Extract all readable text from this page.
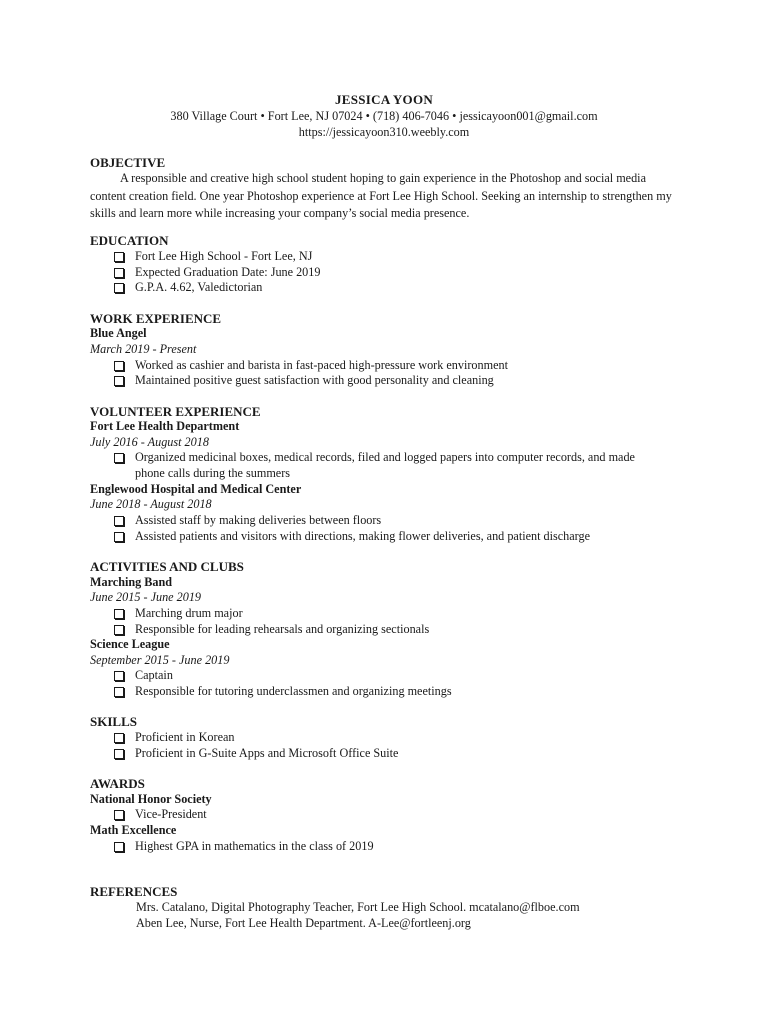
JESSICA YOON
380 Village Court • Fort Lee, NJ 07024 • (718) 406-7046 • jessicayoon001@gmail.com
https://jessicayoon310.weebly.com
OBJECTIVE
A responsible and creative high school student hoping to gain experience in the Photoshop and social media content creation field. One year Photoshop experience at Fort Lee High School. Seeking an internship to strengthen my skills and learn more while increasing your company’s social media presence.
EDUCATION
Fort Lee High School - Fort Lee, NJ
Expected Graduation Date: June 2019
G.P.A. 4.62, Valedictorian
WORK EXPERIENCE
Blue Angel
March 2019 - Present
Worked as cashier and barista in fast-paced high-pressure work environment
Maintained positive guest satisfaction with good personality and cleaning
VOLUNTEER EXPERIENCE
Fort Lee Health Department
July 2016 - August 2018
Organized medicinal boxes, medical records, filed and logged papers into computer records, and made
phone calls during the summers
Englewood Hospital and Medical Center
June 2018 - August 2018
Assisted staff by making deliveries between floors
Assisted patients and visitors with directions, making flower deliveries, and patient discharge
ACTIVITIES AND CLUBS
Marching Band
June 2015 - June 2019
Marching drum major
Responsible for leading rehearsals and organizing sectionals
Science League
September 2015 - June 2019
Captain
Responsible for tutoring underclassmen and organizing meetings
SKILLS
Proficient in Korean
Proficient in G-Suite Apps and Microsoft Office Suite
AWARDS
National Honor Society
Vice-President
Math Excellence
Highest GPA in mathematics in the class of 2019
REFERENCES
Mrs. Catalano, Digital Photography Teacher, Fort Lee High School. mcatalano@flboe.com
Aben Lee, Nurse, Fort Lee Health Department. A-Lee@fortleenj.org
